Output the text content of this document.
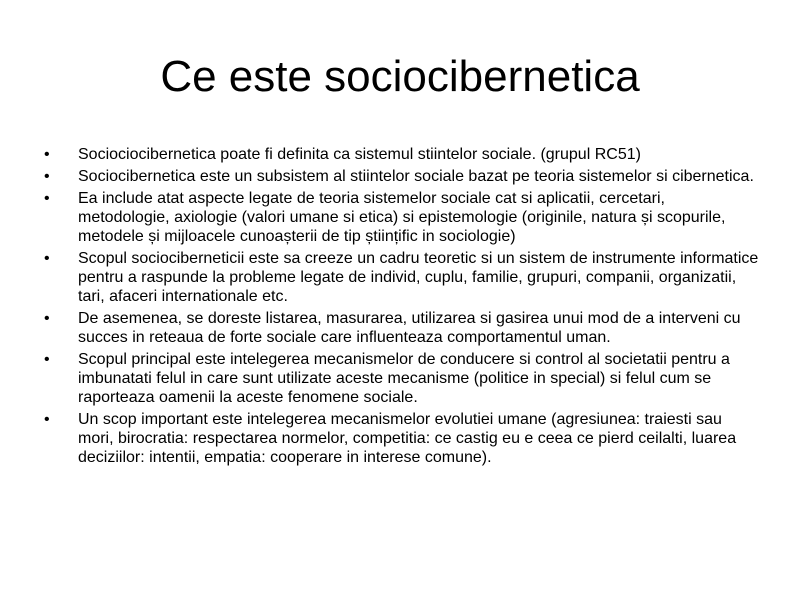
Ce este sociocibernetica
•	Sociociocibernetica poate fi definita ca sistemul stiintelor sociale. (grupul RC51)
•	Sociocibernetica este un subsistem al stiintelor sociale bazat pe teoria sistemelor si cibernetica.
•	Ea include atat aspecte legate de teoria sistemelor sociale cat si aplicatii, cercetari, metodologie, axiologie (valori umane si etica) si epistemologie (originile, natura și scopurile, metodele și mijloacele cunoașterii de tip științific in sociologie)
•	Scopul sociociberneticii este sa creeze un cadru teoretic si un sistem de instrumente informatice pentru a raspunde la probleme legate de individ, cuplu, familie, grupuri, companii, organizatii, tari, afaceri internationale etc.
•	De asemenea, se doreste listarea, masurarea, utilizarea si gasirea unui mod de a interveni cu succes in reteaua de forte sociale care influenteaza comportamentul uman.
•	Scopul principal este intelegerea mecanismelor de conducere si control al societatii pentru a imbunatati felul in care sunt utilizate aceste mecanisme (politice in special) si felul cum se raporteaza oamenii la aceste fenomene sociale.
•	Un scop important este intelegerea mecanismelor evolutiei umane (agresiunea: traiesti sau mori, birocratia: respectarea normelor, competitia: ce castig eu e ceea ce pierd ceilalti, luarea deciziilor: intentii, empatia: cooperare in interese comune).
